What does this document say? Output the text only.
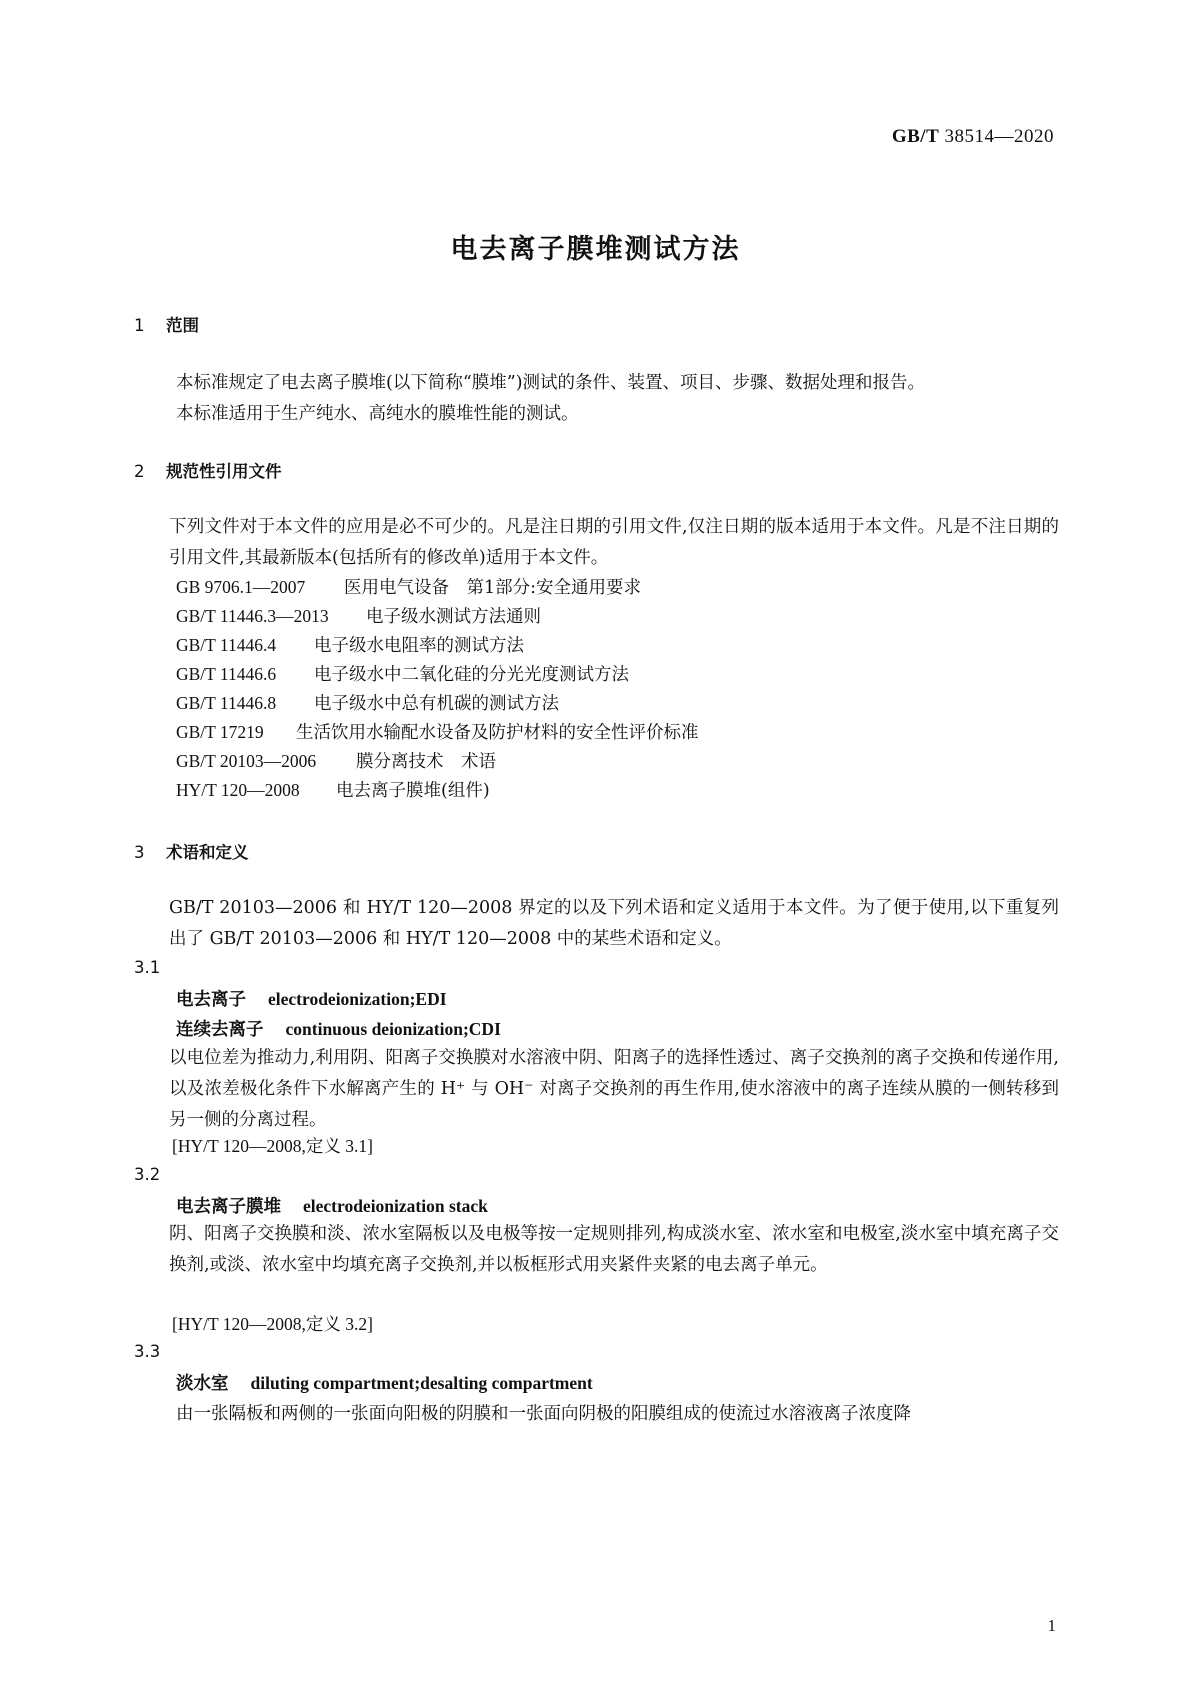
GB/T 38514—2020
电去离子膜堆测试方法
1 范围
本标准规定了电去离子膜堆(以下简称“膜堆”)测试的条件、装置、项目、步骤、数据处理和报告。
本标准适用于生产纯水、高纯水的膜堆性能的测试。
2 规范性引用文件
下列文件对于本文件的应用是必不可少的。凡是注日期的引用文件,仅注日期的版本适用于本文件。凡是不注日期的引用文件,其最新版本(包括所有的修改单)适用于本文件。
GB 9706.1—2007 医用电气设备　第1部分:安全通用要求
GB/T 11446.3—2013 电子级水测试方法通则
GB/T 11446.4 电子级水电阻率的测试方法
GB/T 11446.6 电子级水中二氧化硅的分光光度测试方法
GB/T 11446.8 电子级水中总有机碳的测试方法
GB/T 17219 生活饮用水输配水设备及防护材料的安全性评价标准
GB/T 20103—2006 膜分离技术　术语
HY/T 120—2008 电去离子膜堆(组件)
3 术语和定义
GB/T 20103—2006 和 HY/T 120—2008 界定的以及下列术语和定义适用于本文件。为了便于使用,以下重复列出了 GB/T 20103—2006 和 HY/T 120—2008 中的某些术语和定义。
3.1
电去离子 electrodeionization;EDI
连续去离子 continuous deionization;CDI
以电位差为推动力,利用阴、阳离子交换膜对水溶液中阴、阳离子的选择性透过、离子交换剂的离子交换和传递作用,以及浓差极化条件下水解离产生的 H⁺ 与 OH⁻ 对离子交换剂的再生作用,使水溶液中的离子连续从膜的一侧转移到另一侧的分离过程。
[HY/T 120—2008,定义 3.1]
3.2
电去离子膜堆 electrodeionization stack
阴、阳离子交换膜和淡、浓水室隔板以及电极等按一定规则排列,构成淡水室、浓水室和电极室,淡水室中填充离子交换剂,或淡、浓水室中均填充离子交换剂,并以板框形式用夹紧件夹紧的电去离子单元。
[HY/T 120—2008,定义 3.2]
3.3
淡水室 diluting compartment;desalting compartment
由一张隔板和两侧的一张面向阳极的阴膜和一张面向阴极的阳膜组成的使流过水溶液离子浓度降
1
